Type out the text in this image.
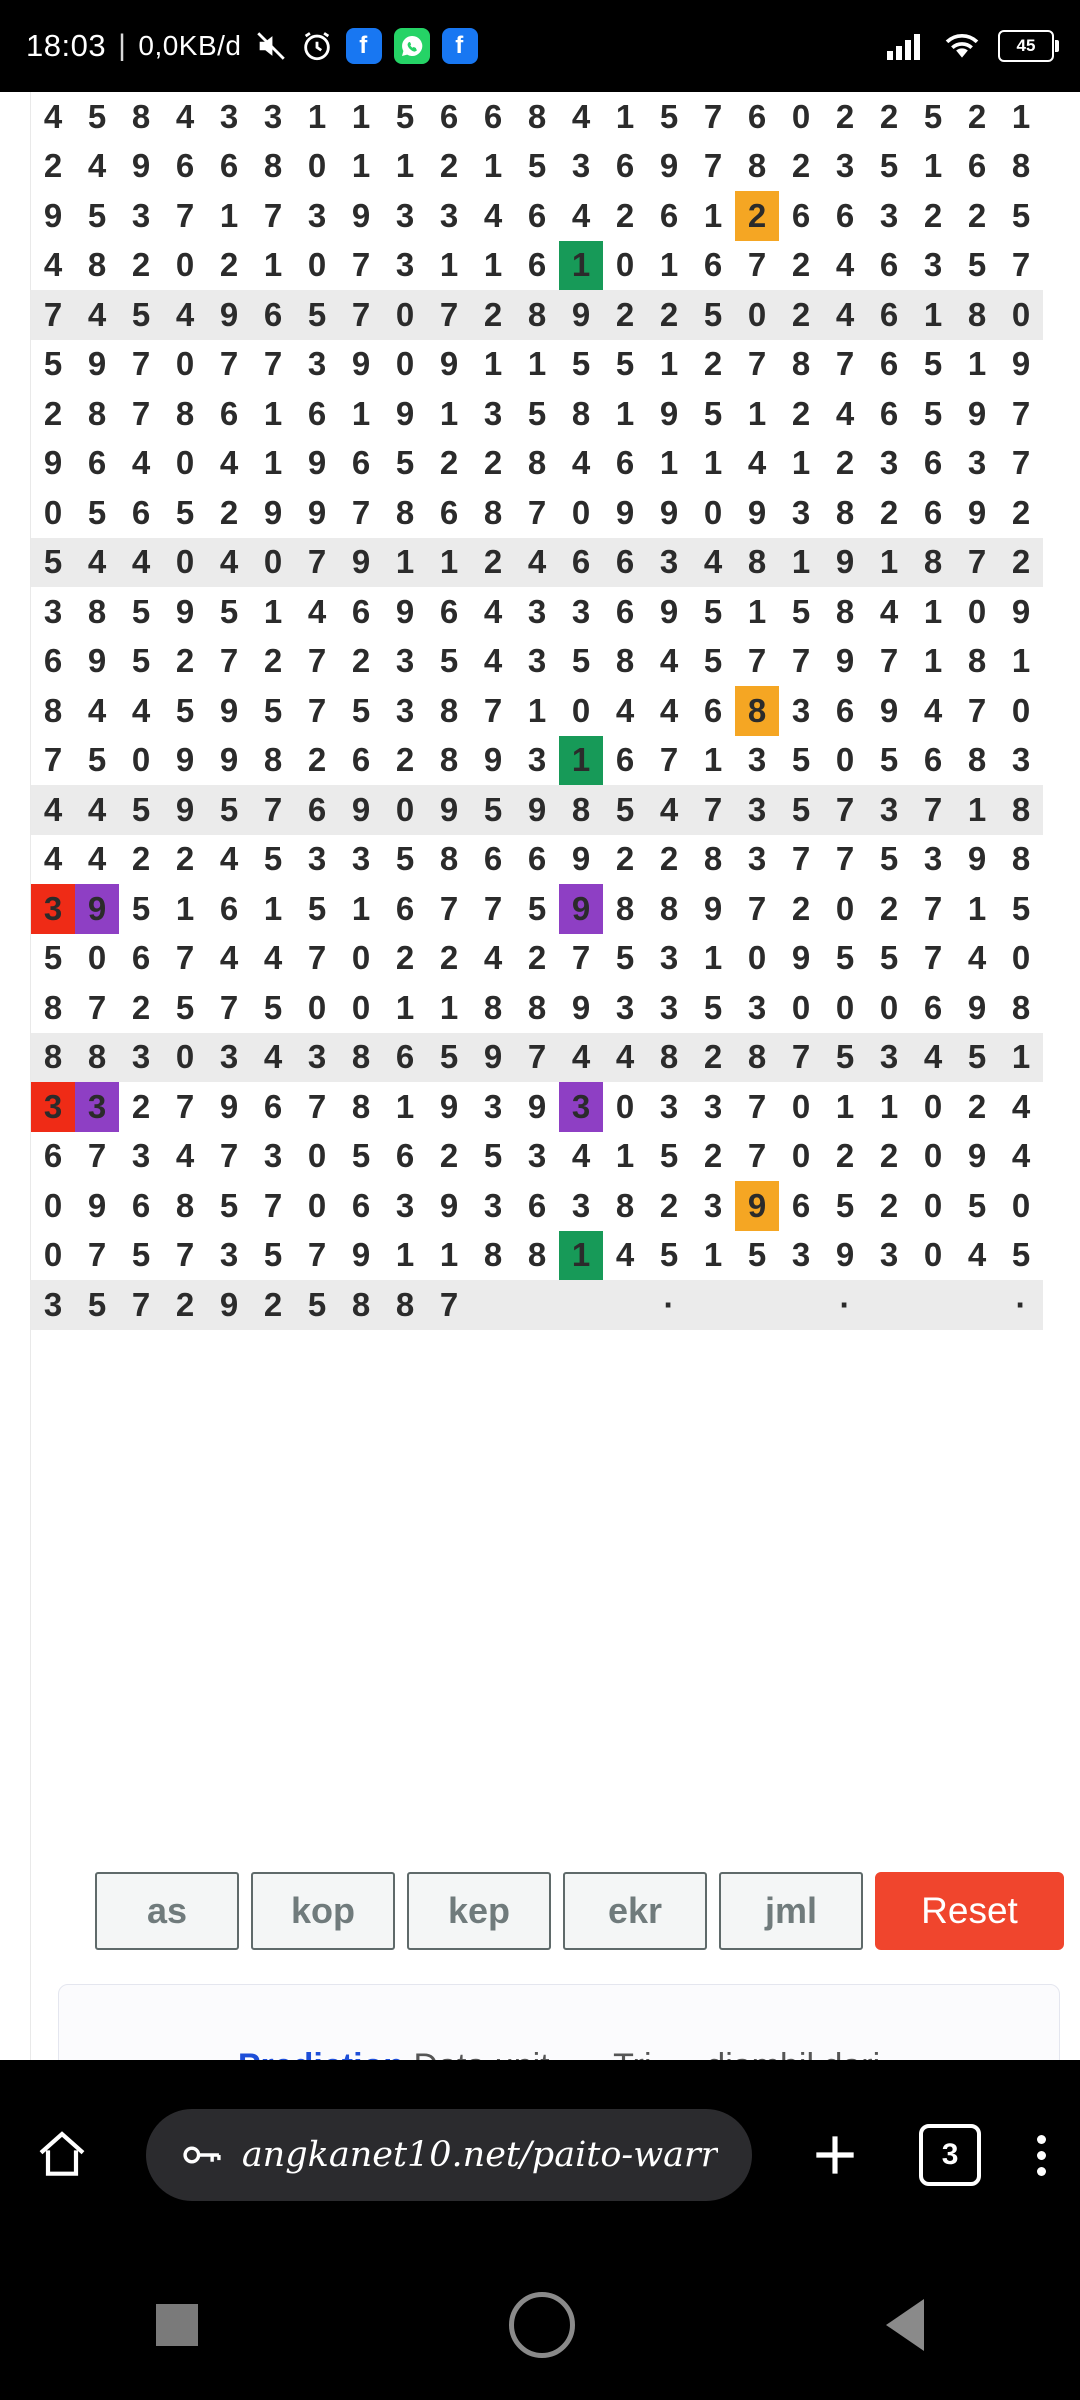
18:03 | 0,0KB/d	f	f	45
4	5	8	4	3	3	1	1	5	6	6	8	4	1	5	7	6	0	2	2	5	2	1
2	4	9	6	6	8	0	1	1	2	1	5	3	6	9	7	8	2	3	5	1	6	8
9	5	3	7	1	7	3	9	3	3	4	6	4	2	6	1	2	6	6	3	2	2	5
4	8	2	0	2	1	0	7	3	1	1	6	1	0	1	6	7	2	4	6	3	5	7
7	4	5	4	9	6	5	7	0	7	2	8	9	2	2	5	0	2	4	6	1	8	0
5	9	7	0	7	7	3	9	0	9	1	1	5	5	1	2	7	8	7	6	5	1	9
2	8	7	8	6	1	6	1	9	1	3	5	8	1	9	5	1	2	4	6	5	9	7
9	6	4	0	4	1	9	6	5	2	2	8	4	6	1	1	4	1	2	3	6	3	7
0	5	6	5	2	9	9	7	8	6	8	7	0	9	9	0	9	3	8	2	6	9	2
5	4	4	0	4	0	7	9	1	1	2	4	6	6	3	4	8	1	9	1	8	7	2
3	8	5	9	5	1	4	6	9	6	4	3	3	6	9	5	1	5	8	4	1	0	9
6	9	5	2	7	2	7	2	3	5	4	3	5	8	4	5	7	7	9	7	1	8	1
8	4	4	5	9	5	7	5	3	8	7	1	0	4	4	6	8	3	6	9	4	7	0
7	5	0	9	9	8	2	6	2	8	9	3	1	6	7	1	3	5	0	5	6	8	3
4	4	5	9	5	7	6	9	0	9	5	9	8	5	4	7	3	5	7	3	7	1	8
4	4	2	2	4	5	3	3	5	8	6	6	9	2	2	8	3	7	7	5	3	9	8
3	9	5	1	6	1	5	1	6	7	7	5	9	8	8	9	7	2	0	2	7	1	5
5	0	6	7	4	4	7	0	2	2	4	2	7	5	3	1	0	9	5	5	7	4	0
8	7	2	5	7	5	0	0	1	1	8	8	9	3	3	5	3	0	0	0	6	9	8
8	8	3	0	3	4	3	8	6	5	9	7	4	4	8	2	8	7	5	3	4	5	1
3	3	2	7	9	6	7	8	1	9	3	9	3	0	3	3	7	0	1	1	0	2	4
6	7	3	4	7	3	0	5	6	2	5	3	4	1	5	2	7	0	2	2	0	9	4
0	9	6	8	5	7	0	6	3	9	3	6	3	8	2	3	9	6	5	2	0	5	0
0	7	5	7	3	5	7	9	1	1	8	8	1	4	5	1	5	3	9	3	0	4	5
3	5	7	2	9	2	5	8	8	7					·				·				·
as	kop	kep	ekr	jml	Reset
angkanet10.net/paito-warr	3
